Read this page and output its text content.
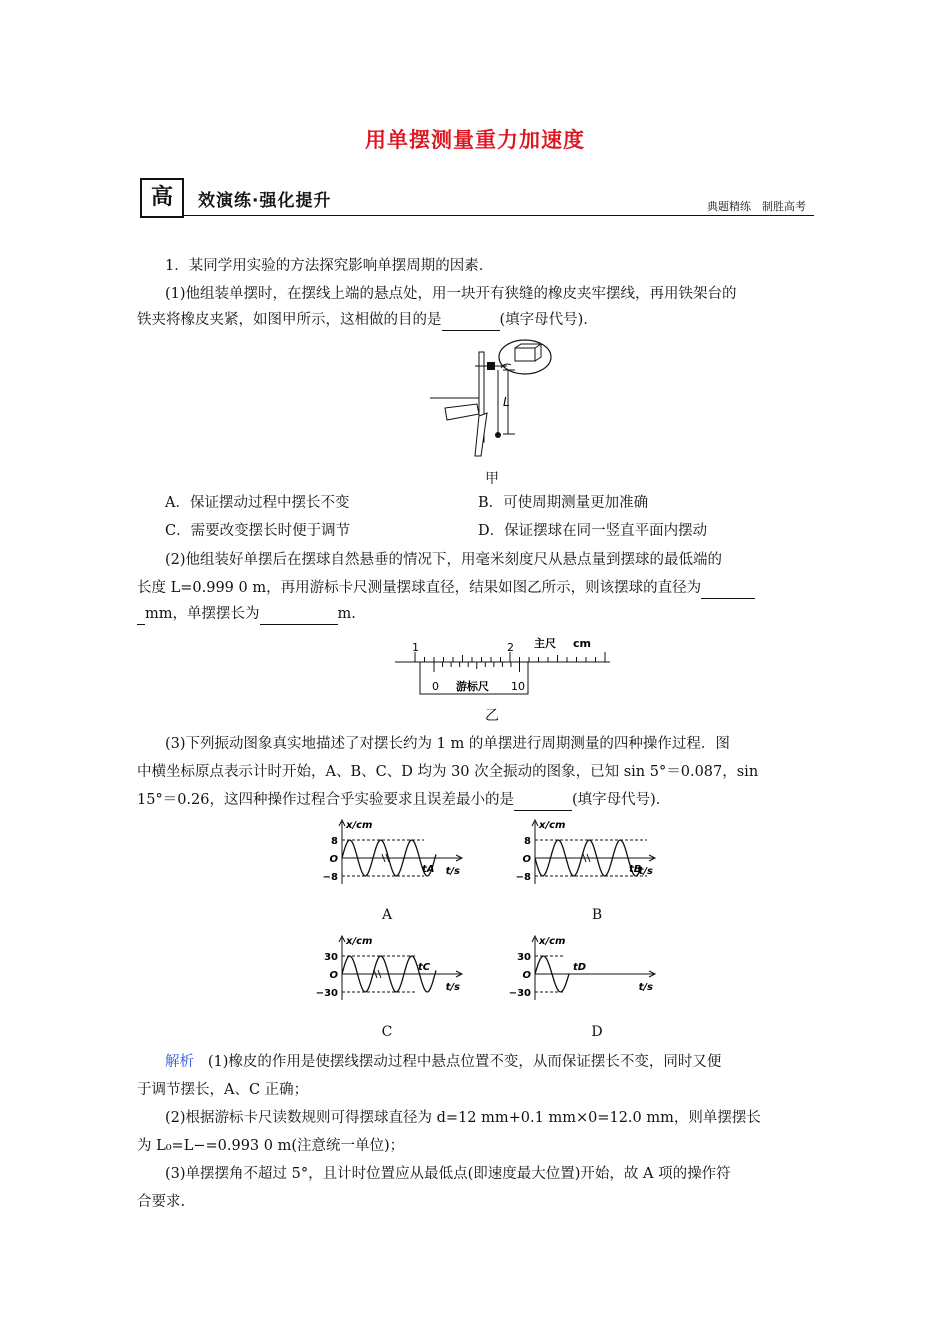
用单摆测量重力加速度
高	效演练·强化提升	典题精练　制胜高考
1．某同学用实验的方法探究影响单摆周期的因素．
(1)他组装单摆时，在摆线上端的悬点处，用一块开有狭缝的橡皮夹牢摆线，再用铁架台的
铁夹将橡皮夹紧，如图甲所示，这相做的目的是	(填字母代号)．
L
甲
A．保证摆动过程中摆长不变	B．可使周期测量更加准确
C．需要改变摆长时便于调节	D．保证摆球在同一竖直平面内摆动
(2)他组装好单摆后在摆球自然悬垂的情况下，用毫米刻度尺从悬点量到摆球的最低端的
长度 L=0.999 0 m，再用游标卡尺测量摆球直径，结果如图乙所示，则该摆球的直径为
mm，单摆摆长为	m.
1	2 主尺 cm
0 游标尺 10
乙
(3)下列振动图象真实地描述了对摆长约为 1 m 的单摆进行周期测量的四种操作过程．图
中横坐标原点表示计时开始，A、B、C、D 均为 30 次全振动的图象，已知 sin 5°＝0.087，sin
15°＝0.26，这四种操作过程合乎实验要求且误差最小的是	(填字母代号)．
x/cm
8
O
−8
t/s
tA
x/cm
8
O
−8
t/s
tB
x/cm
30
O
−30
t/s
tC
x/cm
30
O
−30
t/s
tD
A	B
C	D
解析 (1)橡皮的作用是使摆线摆动过程中悬点位置不变，从而保证摆长不变，同时又便
于调节摆长，A、C 正确；
(2)根据游标卡尺读数规则可得摆球直径为 d=12 mm+0.1 mm×0=12.0 mm，则单摆摆长
为 L₀=L−=0.993 0 m(注意统一单位)；
(3)单摆摆角不超过 5°，且计时位置应从最低点(即速度最大位置)开始，故 A 项的操作符
合要求.
